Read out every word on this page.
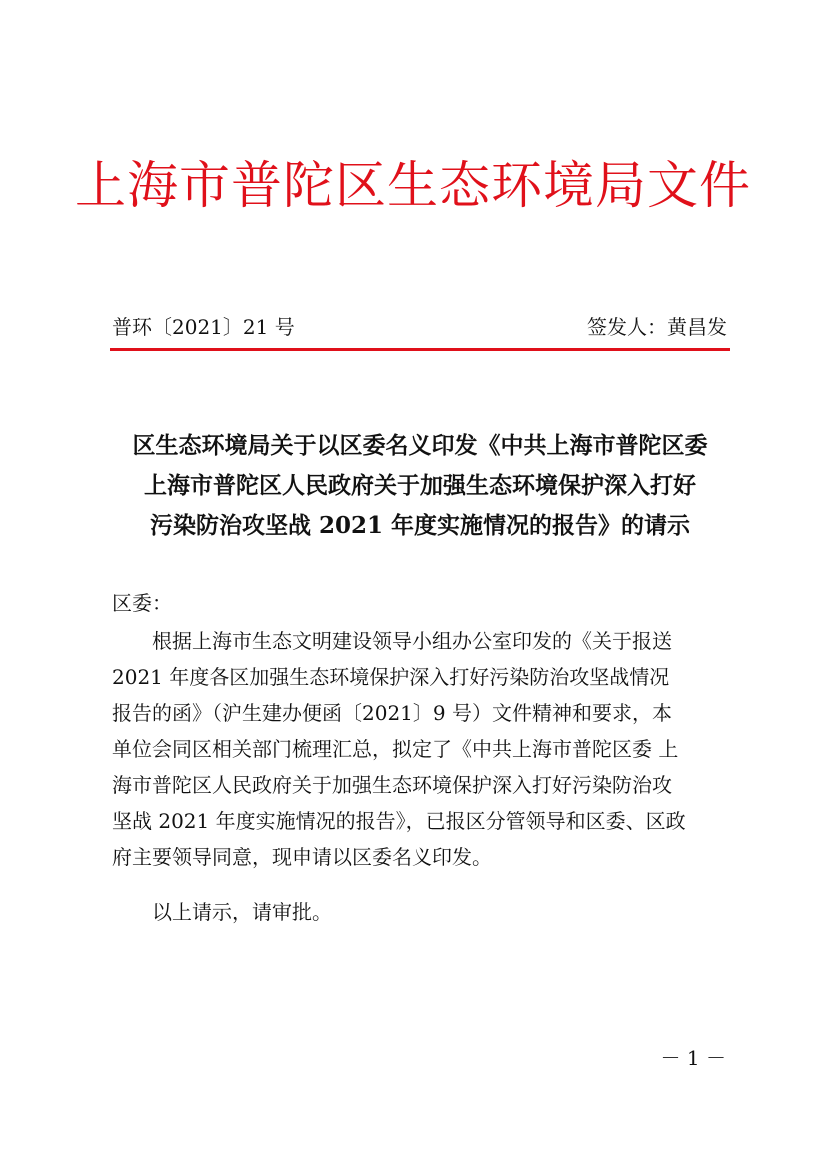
上海市普陀区生态环境局文件
普环〔2021〕21 号	签发人：黄昌发
区生态环境局关于以区委名义印发《中共上海市普陀区委
上海市普陀区人民政府关于加强生态环境保护深入打好
污染防治攻坚战 2021 年度实施情况的报告》的请示
区委：
　　根据上海市生态文明建设领导小组办公室印发的《关于报送
2021 年度各区加强生态环境保护深入打好污染防治攻坚战情况
报告的函》（沪生建办便函〔2021〕9 号）文件精神和要求，本
单位会同区相关部门梳理汇总，拟定了《中共上海市普陀区委 上
海市普陀区人民政府关于加强生态环境保护深入打好污染防治攻
坚战 2021 年度实施情况的报告》，已报区分管领导和区委、区政
府主要领导同意，现申请以区委名义印发。
以上请示，请审批。
－ 1 －
